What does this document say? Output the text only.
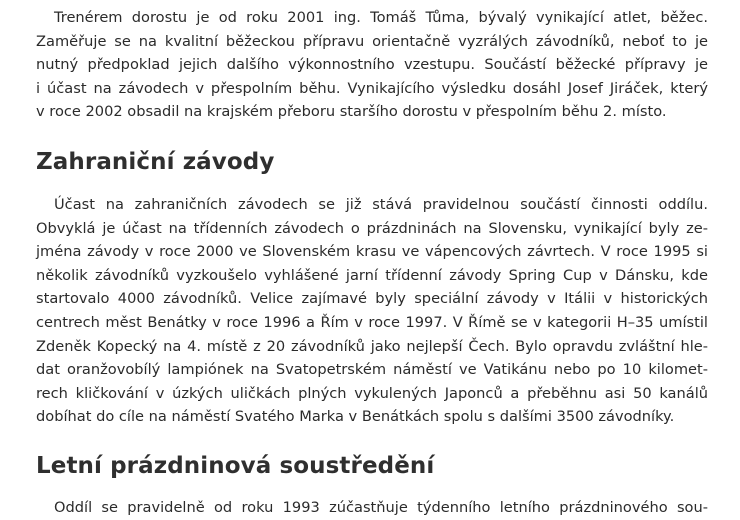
Trenérem dorostu je od roku 2001 ing. Tomáš Tůma, bývalý vynikající atlet, běžec.
Zaměřuje se na kvalitní běžeckou přípravu orientačně vyzrálých závodníků, neboť to je
nutný předpoklad jejich dalšího výkonnostního vzestupu. Součástí běžecké přípravy je
i účast na závodech v přespolním běhu. Vynikajícího výsledku dosáhl Josef Jiráček, který
v roce 2002 obsadil na krajském přeboru staršího dorostu v přespolním běhu 2. místo.

Zahraniční závody

Účast na zahraničních závodech se již stává pravidelnou součástí činnosti oddílu.
Obvyklá je účast na třídenních závodech o prázdninách na Slovensku, vynikající byly ze-
jména závody v roce 2000 ve Slovenském krasu ve vápencových závrtech. V roce 1995 si
několik závodníků vyzkoušelo vyhlášené jarní třídenní závody Spring Cup v Dánsku, kde
startovalo 4000 závodníků. Velice zajímavé byly speciální závody v Itálii v historických
centrech měst Benátky v roce 1996 a Řím v roce 1997. V Římě se v kategorii H–35 umístil
Zdeněk Kopecký na 4. místě z 20 závodníků jako nejlepší Čech. Bylo opravdu zvláštní hle-
dat oranžovobílý lampiónek na Svatopetrském náměstí ve Vatikánu nebo po 10 kilomet-
rech kličkování v úzkých uličkách plných vykulených Japonců a přeběhnu asi 50 kanálů
dobíhat do cíle na náměstí Svatého Marka v Benátkách spolu s dalšími 3500 závodníky.

Letní prázdninová soustředění

Oddíl se pravidelně od roku 1993 zúčastňuje týdenního letního prázdninového sou-
